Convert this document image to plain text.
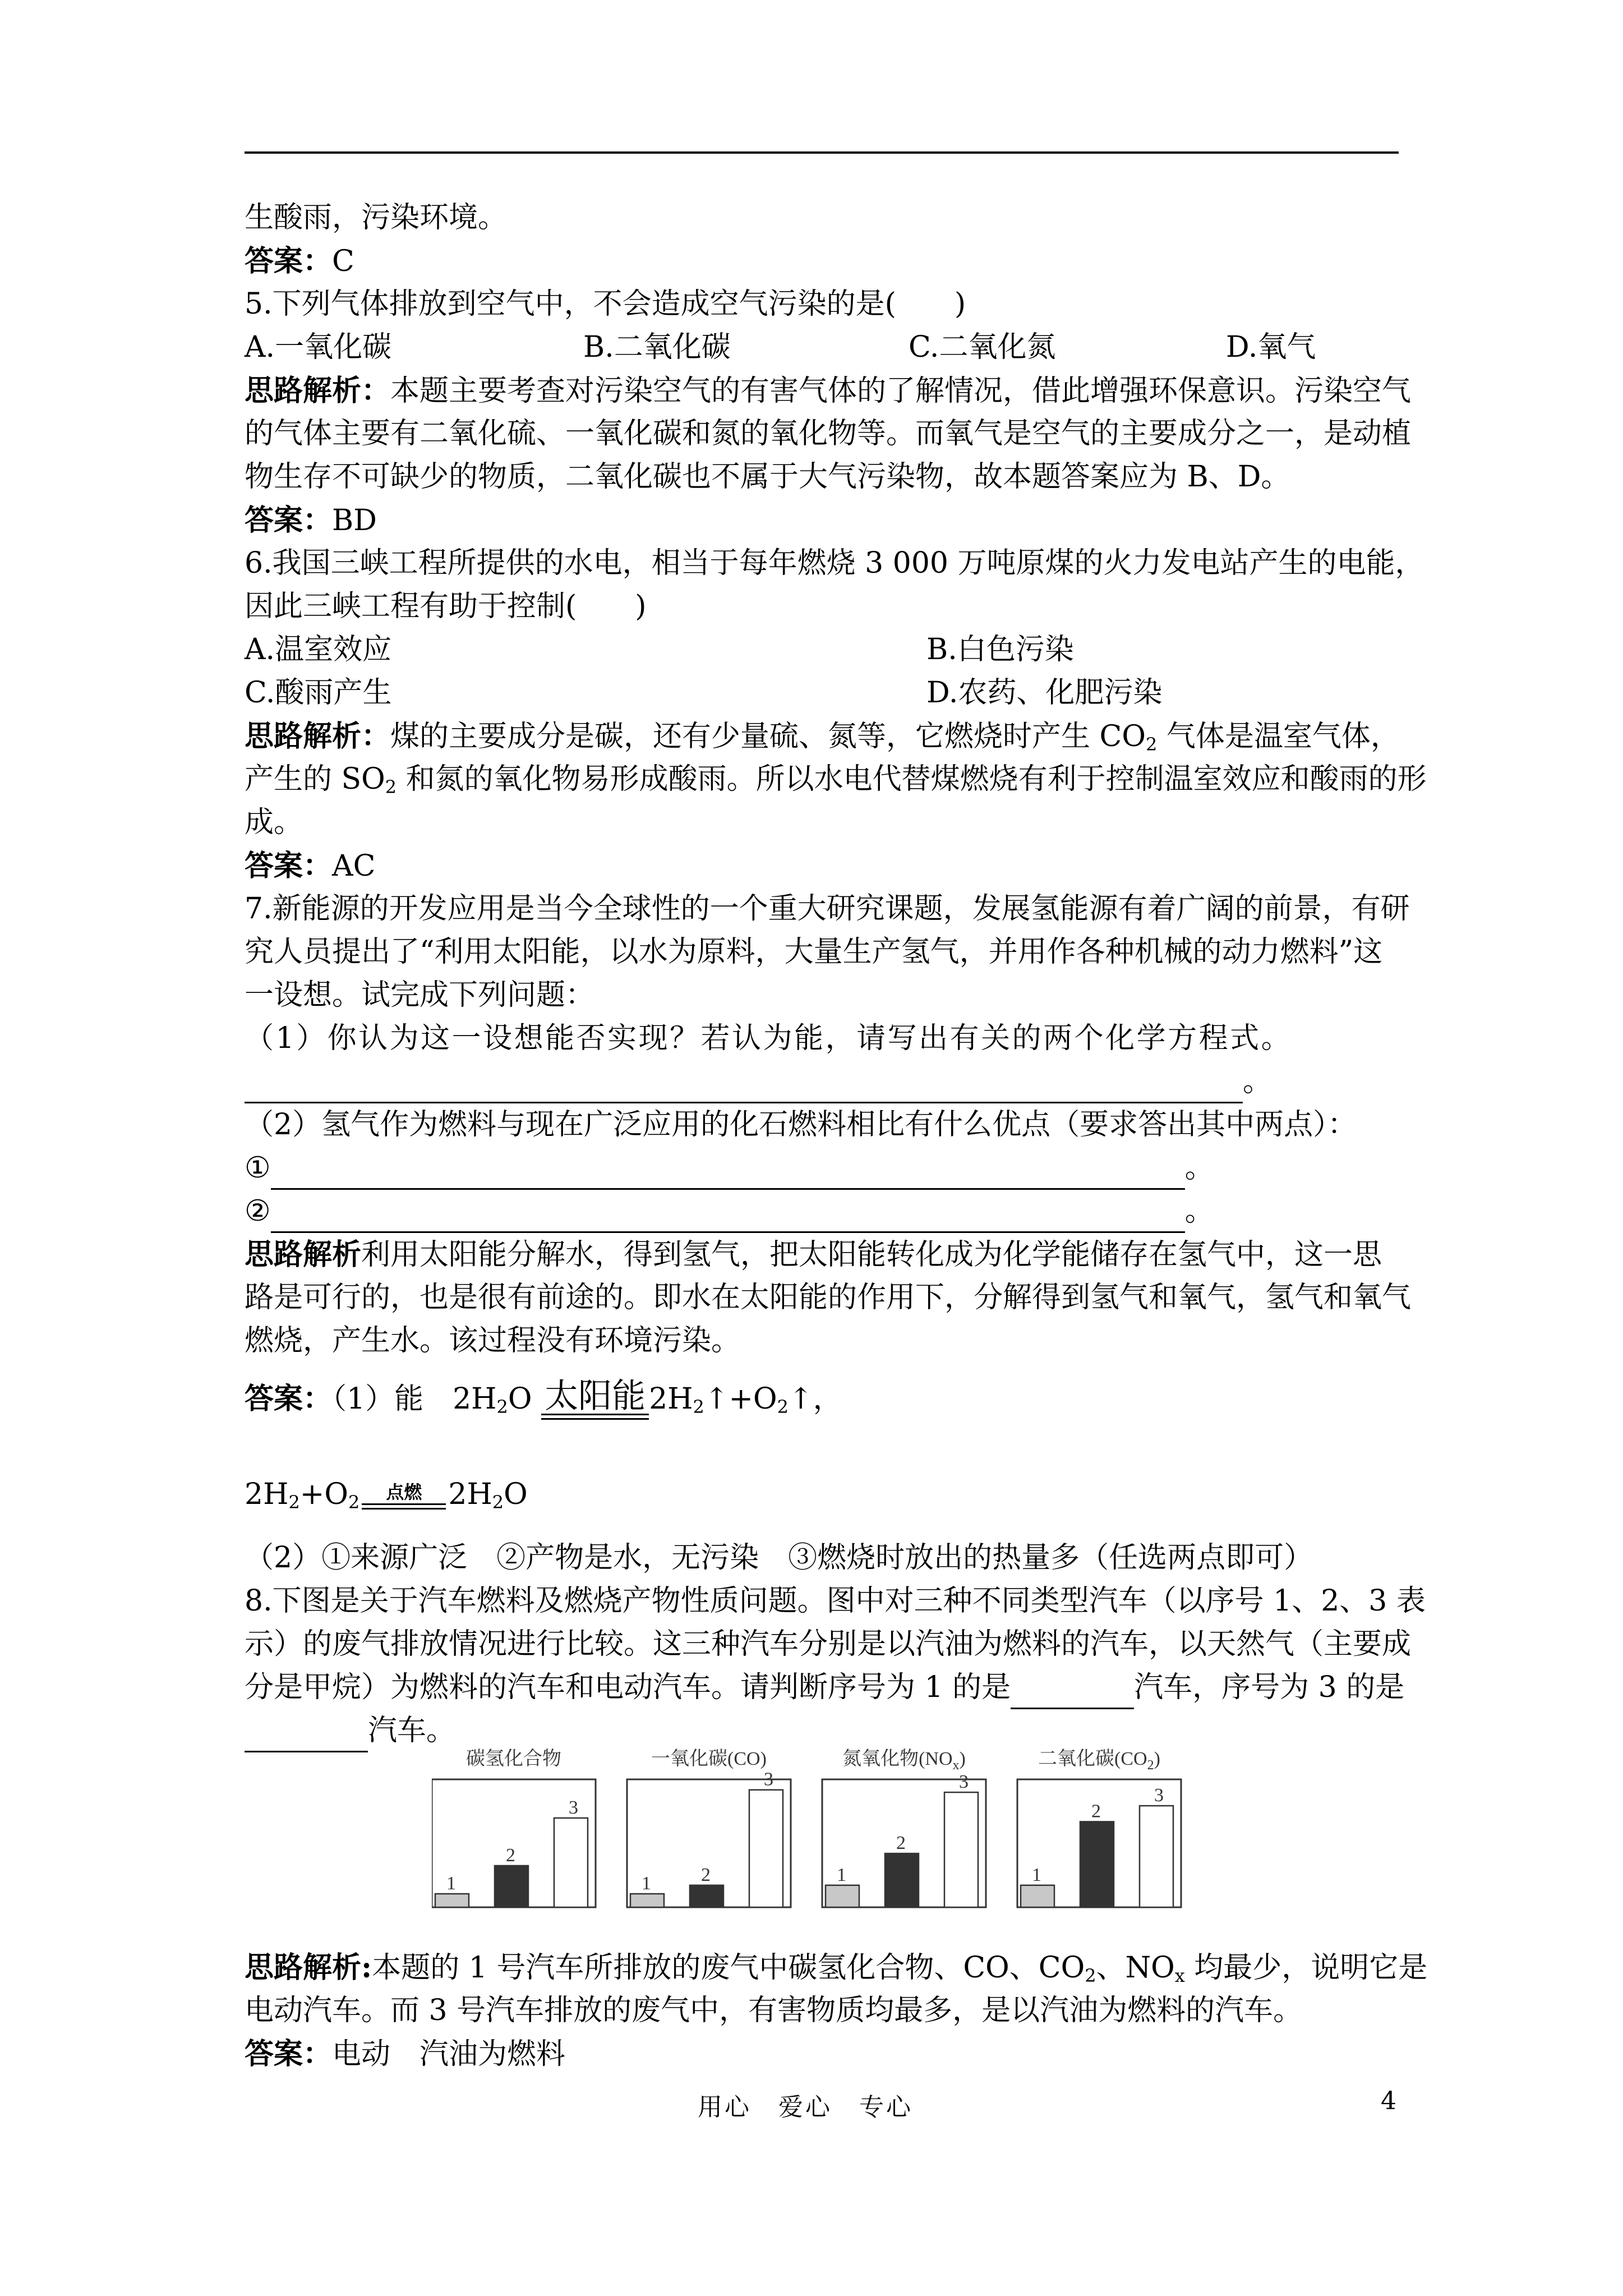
生酸雨，污染环境。
答案：C
5.下列气体排放到空气中，不会造成空气污染的是(　　)
A.一氧化碳	B.二氧化碳	C.二氧化氮	D.氧气
思路解析：本题主要考查对污染空气的有害气体的了解情况，借此增强环保意识。污染空气
的气体主要有二氧化硫、一氧化碳和氮的氧化物等。而氧气是空气的主要成分之一，是动植
物生存不可缺少的物质，二氧化碳也不属于大气污染物，故本题答案应为 B、D。
答案：BD
6.我国三峡工程所提供的水电，相当于每年燃烧 3 000 万吨原煤的火力发电站产生的电能，
因此三峡工程有助于控制(　　)
A.温室效应	B.白色污染
C.酸雨产生	D.农药、化肥污染
思路解析：煤的主要成分是碳，还有少量硫、氮等，它燃烧时产生 $CO_2$ 气体是温室气体，
产生的 $SO_2$ 和氮的氧化物易形成酸雨。所以水电代替煤燃烧有利于控制温室效应和酸雨的形
成。
答案：AC
7.新能源的开发应用是当今全球性的一个重大研究课题，发展氢能源有着广阔的前景，有研
究人员提出了“利用太阳能，以水为原料，大量生产氢气，并用作各种机械的动力燃料”这
一设想。试完成下列问题：
（1）你认为这一设想能否实现？若认为能，请写出有关的两个化学方程式。
。
（2）氢气作为燃料与现在广泛应用的化石燃料相比有什么优点（要求答出其中两点）：
①	。
②	。
思路解析利用太阳能分解水，得到氢气，把太阳能转化成为化学能储存在氢气中，这一思
路是可行的，也是很有前途的。即水在太阳能的作用下，分解得到氢气和氧气，氢气和氧气
燃烧，产生水。该过程没有环境污染。
答案：（1）能　$2H_2O$ 太阳能 $2H_2↑+O_2↑$，
$2H_2+O_2$	点燃 $2H_2O$
（2）①来源广泛　②产物是水，无污染　③燃烧时放出的热量多（任选两点即可）
8.下图是关于汽车燃料及燃烧产物性质问题。图中对三种不同类型汽车（以序号 1、2、3 表
示）的废气排放情况进行比较。这三种汽车分别是以汽油为燃料的汽车，以天然气（主要成
分是甲烷）为燃料的汽车和电动汽车。请判断序号为 1 的是	汽车，序号为 3 的是
汽车。
思路解析:本题的 1 号汽车所排放的废气中碳氢化合物、CO、$CO_2$、$NO_x$ 均最少，说明它是
电动汽车。而 3 号汽车排放的废气中，有害物质均最多，是以汽油为燃料的汽车。
答案：电动　汽油为燃料
碳氢化合物
1
2
3
一氧化碳(CO)
1	2
3
氮氧化物$(NO_x)$
1
2
3
二氧化碳$(CO_2)$
1
2
3
用心　爱心　专心	4
